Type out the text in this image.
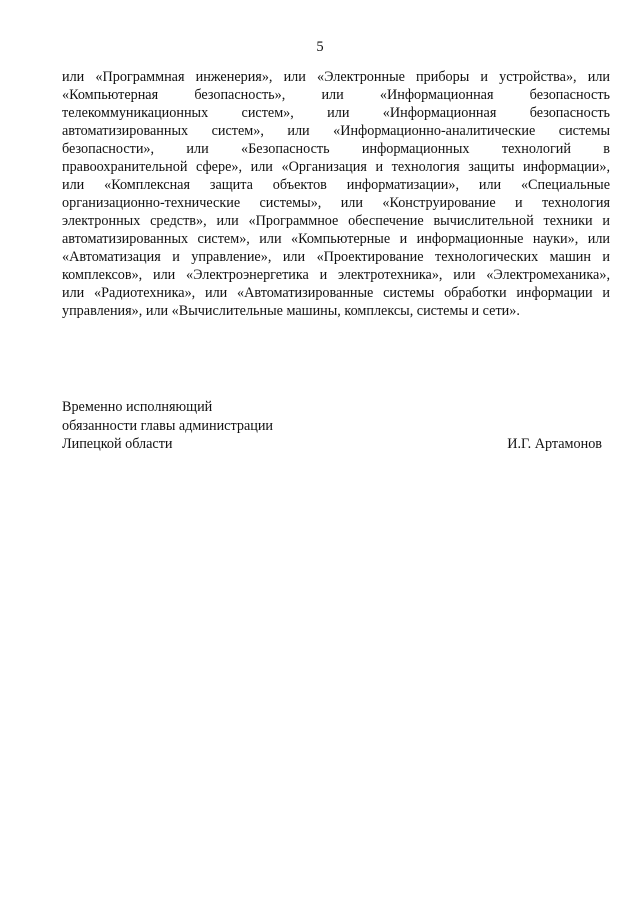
5
или «Программная инженерия», или «Электронные приборы и устройства», или
«Компьютерная безопасность», или «Информационная безопасность
телекоммуникационных систем», или «Информационная безопасность
автоматизированных систем», или «Информационно-аналитические системы
безопасности», или «Безопасность информационных технологий в
правоохранительной сфере», или «Организация и технология защиты информации»,
или «Комплексная защита объектов информатизации», или «Специальные
организационно-технические системы», или «Конструирование и технология
электронных средств», или «Программное обеспечение вычислительной техники и
автоматизированных систем», или «Компьютерные и информационные науки», или
«Автоматизация и управление», или «Проектирование технологических машин и
комплексов», или «Электроэнергетика и электротехника», или «Электромеханика»,
или «Радиотехника», или «Автоматизированные системы обработки информации и
управления», или «Вычислительные машины, комплексы, системы и сети».
Временно исполняющий
обязанности главы администрации
Липецкой области	И.Г. Артамонов
